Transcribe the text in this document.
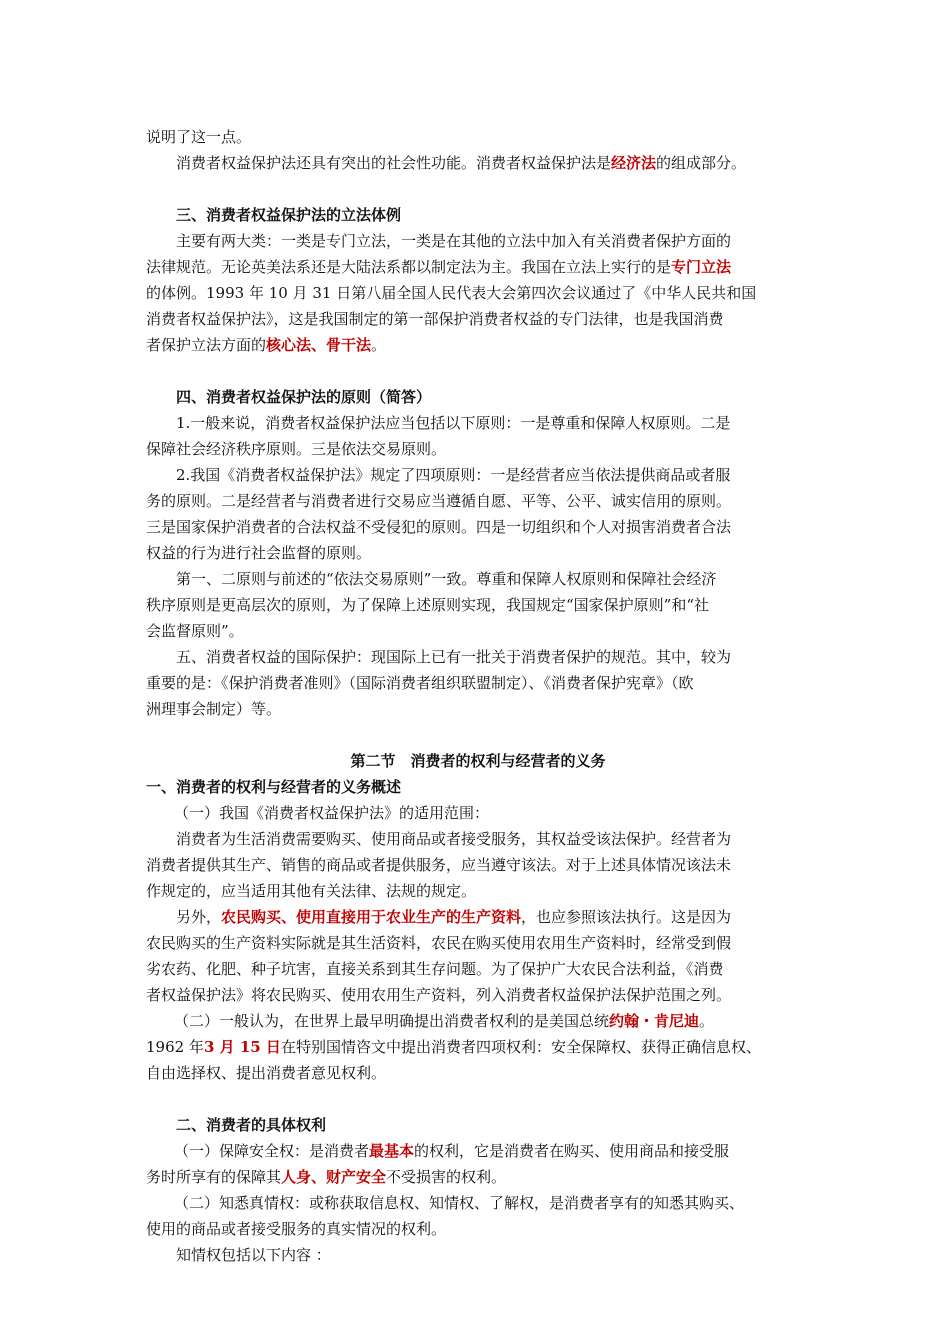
说明了这一点。
消费者权益保护法还具有突出的社会性功能。消费者权益保护法是经济法的组成部分。
三、消费者权益保护法的立法体例
主要有两大类：一类是专门立法，一类是在其他的立法中加入有关消费者保护方面的
法律规范。无论英美法系还是大陆法系都以制定法为主。我国在立法上实行的是专门立法
的体例。1993 年 10 月 31 日第八届全国人民代表大会第四次会议通过了《中华人民共和国
消费者权益保护法》，这是我国制定的第一部保护消费者权益的专门法律，也是我国消费
者保护立法方面的核心法、骨干法。
四、消费者权益保护法的原则（简答）
1.一般来说，消费者权益保护法应当包括以下原则：一是尊重和保障人权原则。二是
保障社会经济秩序原则。三是依法交易原则。
2.我国《消费者权益保护法》规定了四项原则：一是经营者应当依法提供商品或者服
务的原则。二是经营者与消费者进行交易应当遵循自愿、平等、公平、诚实信用的原则。
三是国家保护消费者的合法权益不受侵犯的原则。四是一切组织和个人对损害消费者合法
权益的行为进行社会监督的原则。
第一、二原则与前述的“依法交易原则”一致。尊重和保障人权原则和保障社会经济
秩序原则是更高层次的原则，为了保障上述原则实现，我国规定“国家保护原则”和“社
会监督原则”。
五、消费者权益的国际保护：现国际上已有一批关于消费者保护的规范。其中，较为
重要的是：《保护消费者准则》（国际消费者组织联盟制定）、《消费者保护宪章》（欧
洲理事会制定）等。
第二节　消费者的权利与经营者的义务
一、消费者的权利与经营者的义务概述
（一）我国《消费者权益保护法》的适用范围：
消费者为生活消费需要购买、使用商品或者接受服务，其权益受该法保护。经营者为
消费者提供其生产、销售的商品或者提供服务，应当遵守该法。对于上述具体情况该法未
作规定的，应当适用其他有关法律、法规的规定。
另外，农民购买、使用直接用于农业生产的生产资料，也应参照该法执行。这是因为
农民购买的生产资料实际就是其生活资料，农民在购买使用农用生产资料时，经常受到假
劣农药、化肥、种子坑害，直接关系到其生存问题。为了保护广大农民合法利益，《消费
者权益保护法》将农民购买、使用农用生产资料，列入消费者权益保护法保护范围之列。
（二）一般认为，在世界上最早明确提出消费者权利的是美国总统约翰・肯尼迪。
1962 年3 月 15 日在特别国情咨文中提出消费者四项权利：安全保障权、获得正确信息权、
自由选择权、提出消费者意见权利。
二、消费者的具体权利
（一）保障安全权：是消费者最基本的权利，它是消费者在购买、使用商品和接受服
务时所享有的保障其人身、财产安全不受损害的权利。
（二）知悉真情权：或称获取信息权、知情权、了解权，是消费者享有的知悉其购买、
使用的商品或者接受服务的真实情况的权利。
知情权包括以下内容 ：
